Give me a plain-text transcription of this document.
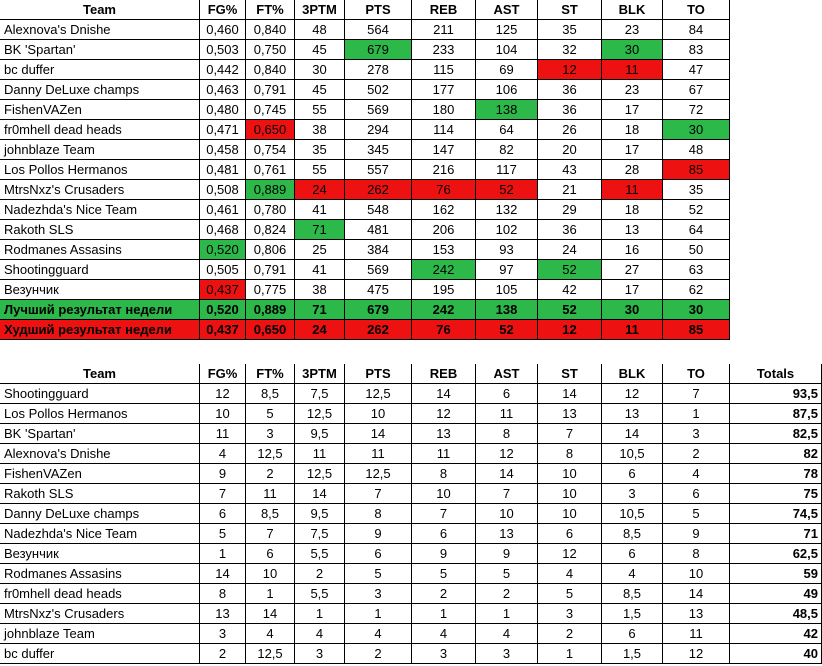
Team	FG%	FT%	3PTM	PTS	REB	AST	ST	BLK	TO
Alexnova's Dnishe	0,460	0,840	48	564	211	125	35	23	84
BK 'Spartan'	0,503	0,750	45	679	233	104	32	30	83
bc duffer	0,442	0,840	30	278	115	69	12	11	47
Danny DeLuxe champs	0,463	0,791	45	502	177	106	36	23	67
FishenVAZen	0,480	0,745	55	569	180	138	36	17	72
fr0mhell dead heads	0,471	0,650	38	294	114	64	26	18	30
johnblaze Team	0,458	0,754	35	345	147	82	20	17	48
Los Pollos Hermanos	0,481	0,761	55	557	216	117	43	28	85
MtrsNxz's Crusaders	0,508	0,889	24	262	76	52	21	11	35
Nadezhda's Nice Team	0,461	0,780	41	548	162	132	29	18	52
Rakoth SLS	0,468	0,824	71	481	206	102	36	13	64
Rodmanes Assasins	0,520	0,806	25	384	153	93	24	16	50
Shootingguard	0,505	0,791	41	569	242	97	52	27	63
Везунчик	0,437	0,775	38	475	195	105	42	17	62
Лучший результат недели	0,520	0,889	71	679	242	138	52	30	30
Худший результат недели	0,437	0,650	24	262	76	52	12	11	85
Team	FG%	FT%	3PTM	PTS	REB	AST	ST	BLK	TO	Totals
Shootingguard	12	8,5	7,5	12,5	14	6	14	12	7	93,5
Los Pollos Hermanos	10	5	12,5	10	12	11	13	13	1	87,5
BK 'Spartan'	11	3	9,5	14	13	8	7	14	3	82,5
Alexnova's Dnishe	4	12,5	11	11	11	12	8	10,5	2	82
FishenVAZen	9	2	12,5	12,5	8	14	10	6	4	78
Rakoth SLS	7	11	14	7	10	7	10	3	6	75
Danny DeLuxe champs	6	8,5	9,5	8	7	10	10	10,5	5	74,5
Nadezhda's Nice Team	5	7	7,5	9	6	13	6	8,5	9	71
Везунчик	1	6	5,5	6	9	9	12	6	8	62,5
Rodmanes Assasins	14	10	2	5	5	5	4	4	10	59
fr0mhell dead heads	8	1	5,5	3	2	2	5	8,5	14	49
MtrsNxz's Crusaders	13	14	1	1	1	1	3	1,5	13	48,5
johnblaze Team	3	4	4	4	4	4	2	6	11	42
bc duffer	2	12,5	3	2	3	3	1	1,5	12	40
